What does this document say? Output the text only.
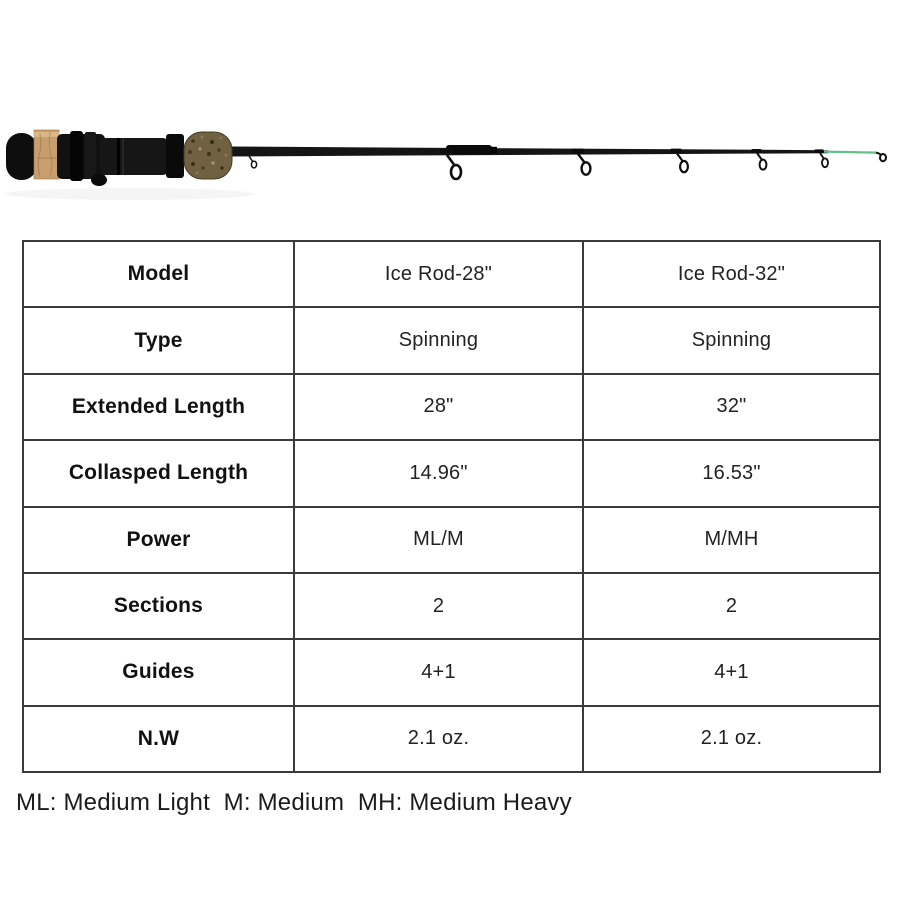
Model	Ice Rod-28"	Ice Rod-32"
Type	Spinning	Spinning
Extended Length	28"	32"
Collasped Length	14.96"	16.53"
Power	ML/M	M/MH
Sections	2	2
Guides	4+1	4+1
N.W	2.1 oz.	2.1 oz.
ML: Medium Light  M: Medium  MH: Medium Heavy
